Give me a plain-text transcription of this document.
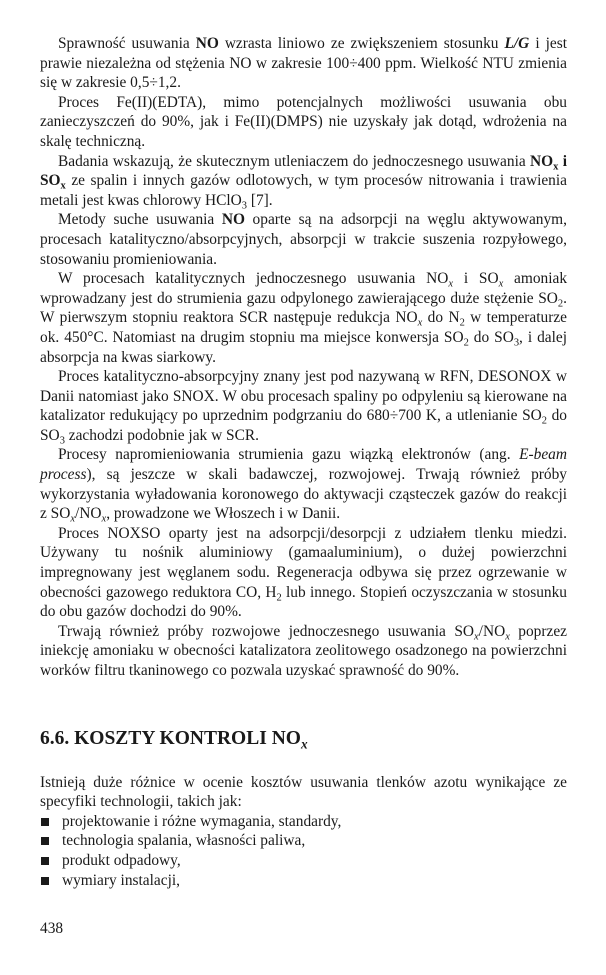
Sprawność usuwania NO wzrasta liniowo ze zwiększeniem stosunku L/G i jest prawie niezależna od stężenia NO w zakresie 100÷400 ppm. Wielkość NTU zmienia się w zakresie 0,5÷1,2.

Proces Fe(II)(EDTA), mimo potencjalnych możliwości usuwania obu zanieczyszczeń do 90%, jak i Fe(II)(DMPS) nie uzyskały jak dotąd, wdrożenia na skalę techniczną.

Badania wskazują, że skutecznym utleniaczem do jednoczesnego usuwania $NO_x$ i $SO_x$ ze spalin i innych gazów odlotowych, w tym procesów nitrowania i trawienia metali jest kwas chlorowy HClO$_3$ [7].

Metody suche usuwania NO oparte są na adsorpcji na węglu aktywowanym, procesach katalityczno/absorpcyjnych, absorpcji w trakcie suszenia rozpyłowego, stosowaniu promieniowania.

W procesach katalitycznych jednoczesnego usuwania $NO_x$ i $SO_x$ amoniak wprowadzany jest do strumienia gazu odpylonego zawierającego duże stężenie $SO_2$. W pierwszym stopniu reaktora SCR następuje redukcja $NO_x$ do $N_2$ w temperaturze ok. 450°C. Natomiast na drugim stopniu ma miejsce konwersja $SO_2$ do $SO_3$, i dalej absorpcja na kwas siarkowy.

Proces katalityczno-absorpcyjny znany jest pod nazywaną w RFN, DESONOX w Danii natomiast jako SNOX. W obu procesach spaliny po odpyleniu są kierowane na katalizator redukujący po uprzednim podgrzaniu do 680÷700 K, a utlenianie $SO_2$ do $SO_3$ zachodzi podobnie jak w SCR.

Procesy napromieniowania strumienia gazu wiązką elektronów (ang. E-beam process), są jeszcze w skali badawczej, rozwojowej. Trwają również próby wykorzystania wyładowania koronowego do aktywacji cząsteczek gazów do reakcji z $SO_x/NO_x$, prowadzone we Włoszech i w Danii.

Proces NOXSO oparty jest na adsorpcji/desorpcji z udziałem tlenku miedzi. Używany tu nośnik aluminiowy (gamaaluminium), o dużej powierzchni impregnowany jest węglanem sodu. Regeneracja odbywa się przez ogrzewanie w obecności gazowego reduktora CO, $H_2$ lub innego. Stopień oczyszczania w stosunku do obu gazów dochodzi do 90%.

Trwają również próby rozwojowe jednoczesnego usuwania $SO_x/NO_x$ poprzez iniekcję amoniaku w obecności katalizatora zeolitowego osadzonego na powierzchni worków filtru tkaninowego co pozwala uzyskać sprawność do 90%.

6.6. KOSZTY KONTROLI $NO_x$

Istnieją duże różnice w ocenie kosztów usuwania tlenków azotu wynikające ze specyfiki technologii, takich jak:

projektowanie i różne wymagania, standardy,
technologia spalania, własności paliwa,
produkt odpadowy,
wymiary instalacji,
438
